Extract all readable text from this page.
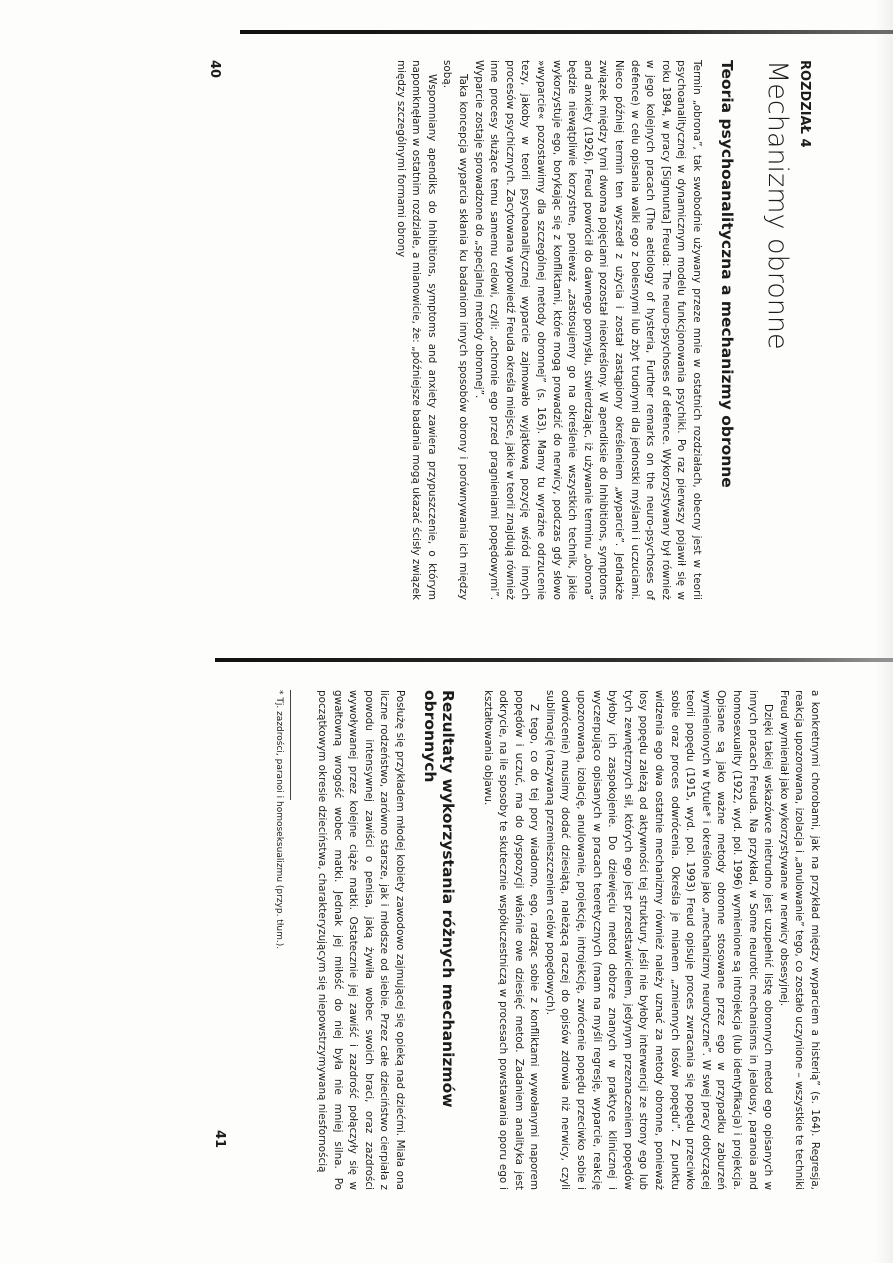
ROZDZIAŁ 4
Mechanizmy obronne
Teoria psychoanalityczna a mechanizmy obronne

Termin „obrona”, tak swobodnie używany przeze mnie w ostatnich rozdziałach, obecny jest w teorii psychoanalitycznej w dynamicznym modelu funkcjonowania psychiki. Po raz pierwszy pojawił się w roku 1894, w pracy [Sigmunta] Freuda: The neuro-psychoses of defence. Wykorzystywany był również w jego kolejnych pracach (The aetiology of hysteria, Further remarks on the neuro-psychoses of defence) w celu opisania walki ego z bolesnymi lub zbyt trudnymi dla jednostki myślami i uczuciami. Nieco później termin ten wyszedł z użycia i został zastąpiony określeniem „wyparcie”. Jednakże związek między tymi dwoma pojęciami pozostał nieokreślony. W apendiksie do Inhibitions, symptoms and anxiety (1926), Freud powrócił do dawnego pomysłu, stwierdzając, iż używanie terminu „obrona” będzie niewątpliwie korzystne, ponieważ „zastosujemy go na określenie wszystkich technik, jakie wykorzystuje ego, borykając się z konfliktami, które mogą prowadzić do nerwicy, podczas gdy słowo »wyparcie« pozostawimy dla szczególnej metody obronnej” (s. 163). Mamy tu wyraźne odrzucenie tezy, jakoby w teorii psychoanalitycznej wyparcie zajmowało wyjątkową pozycję wśród innych procesów psychicznych. Zacytowana wypowiedź Freuda określa miejsce, jakie w teorii znajdują również inne procesy służące temu samemu celowi, czyli: „ochronie ego przed pragnieniami popędowymi”. Wyparcie zostaje sprowadzone do „specjalnej metody obronnej”.

Taka koncepcja wyparcia skłania ku badaniom innych sposobów obrony i porównywania ich między sobą.

Wspomniany apendiks do Inhibitions, symptoms and anxiety zawiera przypuszczenie, o którym napomknęłam w ostatnim rozdziale, a mianowicie, że: „późniejsze badania mogą ukazać ścisły związek między szczególnymi formami obrony

40

a konkretnymi chorobami, jak na przykład między wyparciem a histerią” (s. 164). Regresja, reakcja upozorowana, izolacja i „anulowanie” tego, co zostało uczynione – wszystkie te techniki Freud wymieniał jako wykorzystywane w nerwicy obsesyjnej.

Dzięki takiej wskazówce nietrudno jest uzupełnić listę obronnych metod ego opisanych w innych pracach Freuda. Na przykład, w Some neurotic mechanisms in jealousy, paranoia and homosexuality (1922, wyd. pol. 1996) wymienione są introjekcja (lub identyfikacja) i projekcja. Opisane są jako ważne metody obronne stosowane przez ego w przypadku zaburzeń wymienionych w tytule* i określone jako „mechanizmy neurotyczne”. W swej pracy dotyczącej teorii popędu (1915, wyd. pol. 1993) Freud opisuje proces zwracania się popędu przeciwko sobie oraz proces odwrócenia. Określa je mianem „zmiennych losów popędu”. Z punktu widzenia ego dwa ostatnie mechanizmy również należy uznać za metody obronne, ponieważ losy popędu zależą od aktywności tej struktury. Jeśli nie byłoby interwencji ze strony ego lub tych zewnętrznych sił, których ego jest przedstawicielem, jedynym przeznaczeniem popędów byłoby ich zaspokojenie. Do dziewięciu metod dobrze znanych w praktyce klinicznej i wyczerpująco opisanych w pracach teoretycznych (mam na myśli regresję, wyparcie, reakcję upozorowaną, izolację, anulowanie, projekcję, introjekcję, zwrócenie popędu przeciwko sobie i odwrócenie) musimy dodać dziesiątą, należącą raczej do opisów zdrowia niż nerwicy, czyli sublimację (nazywaną przemieszczeniem celów popędowych).

Z tego, co do tej pory wiadomo, ego, radząc sobie z konfliktami wywołanymi naporem popędów i uczuć, ma do dyspozycji właśnie owe dziesięć metod. Zadaniem analityka jest odkrycie, na ile sposoby te skutecznie współuczestniczą w procesach powstawania oporu ego i kształtowania objawu.

Rezultaty wykorzystania różnych mechanizmów obronnych

Posłużę się przykładem młodej kobiety zawodowo zajmującej się opieką nad dziećmi. Miała ona liczne rodzeństwo, zarówno starsze, jak i młodsze od siebie. Przez całe dzieciństwo cierpiała z powodu intensywnej zawiści o penisa, jaką żywiła wobec swoich braci, oraz zazdrości wywoływanej przez kolejne ciąże matki. Ostatecznie jej zawiść i zazdrość połączyły się w gwałtowną wrogość wobec matki. Jednak jej miłość do niej była nie mniej silna. Po początkowym okresie dzieciństwa, charakteryzującym się niepowstrzymywaną niesfornością

* Tj. zazdrości, paranoi i homoseksualizmu (przyp. tłum.).

41
